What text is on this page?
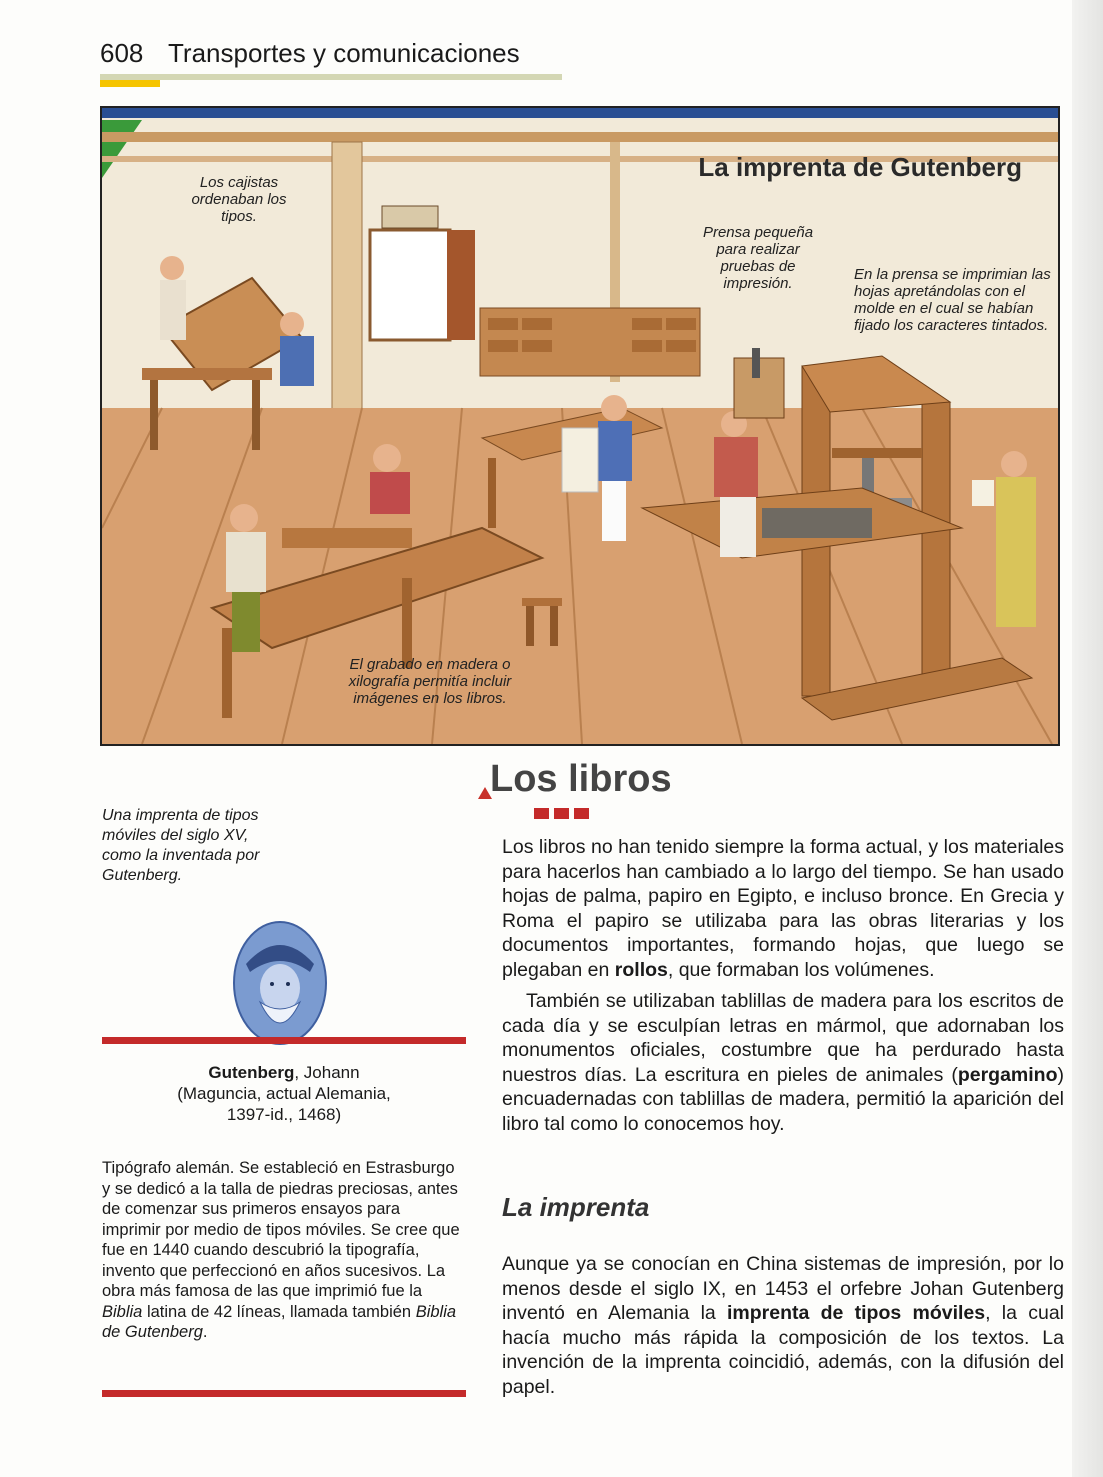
608 Transportes y comunicaciones
La imprenta de Gutenberg
Los cajistas ordenaban los tipos.
Prensa pequeña para realizar pruebas de impresión.
En la prensa se imprimian las hojas apretándolas con el molde en el cual se habían fijado los caracteres tintados.
El grabado en madera o xilografía permitía incluir imágenes en los libros.
Una imprenta de tipos móviles del siglo XV, como la inventada por Gutenberg.
Gutenberg, Johann
(Maguncia, actual Alemania,
1397-id., 1468)
Tipógrafo alemán. Se estableció en Estrasburgo y se dedicó a la talla de piedras preciosas, antes de comenzar sus primeros ensayos para imprimir por medio de tipos móviles. Se cree que fue en 1440 cuando descubrió la tipografía, invento que perfeccionó en años sucesivos. La obra más famosa de las que imprimió fue la Biblia latina de 42 líneas, llamada también Biblia de Gutenberg.
Los libros
Los libros no han tenido siempre la forma actual, y los materiales para hacerlos han cambiado a lo largo del tiempo. Se han usado hojas de palma, papiro en Egipto, e incluso bronce. En Grecia y Roma el papiro se utilizaba para las obras literarias y los documentos importantes, formando hojas, que luego se plegaban en rollos, que formaban los volúmenes.
También se utilizaban tablillas de madera para los escritos de cada día y se esculpían letras en mármol, que adornaban los monumentos oficiales, costumbre que ha perdurado hasta nuestros días. La escritura en pieles de animales (pergamino) encuadernadas con tablillas de madera, permitió la aparición del libro tal como lo conocemos hoy.
La imprenta
Aunque ya se conocían en China sistemas de impresión, por lo menos desde el siglo IX, en 1453 el orfebre Johan Gutenberg inventó en Alemania la imprenta de tipos móviles, la cual hacía mucho más rápida la composición de los textos. La invención de la imprenta coincidió, además, con la difusión del papel.
